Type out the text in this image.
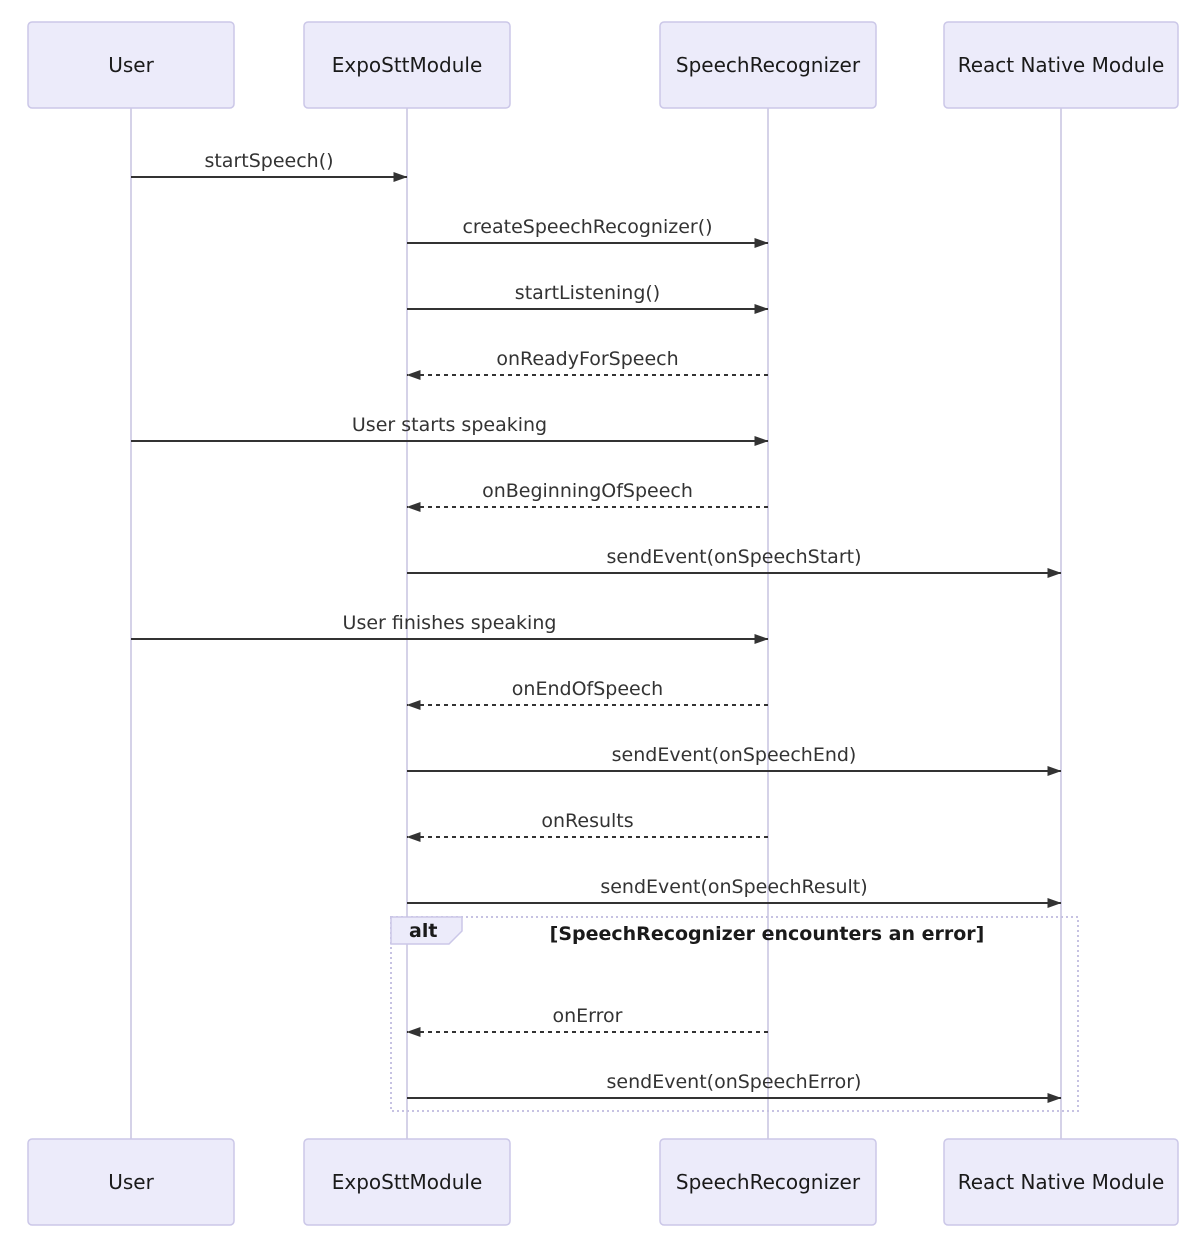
alt	[SpeechRecognizer encounters an error]
User	ExpoSttModule	SpeechRecognizer	React Native Module
User	ExpoSttModule	SpeechRecognizer	React Native Module
startSpeech()
createSpeechRecognizer()
startListening()
onReadyForSpeech
User starts speaking
onBeginningOfSpeech
sendEvent(onSpeechStart)
User finishes speaking
onEndOfSpeech
sendEvent(onSpeechEnd)
onResults
sendEvent(onSpeechResult)
onError
sendEvent(onSpeechError)
